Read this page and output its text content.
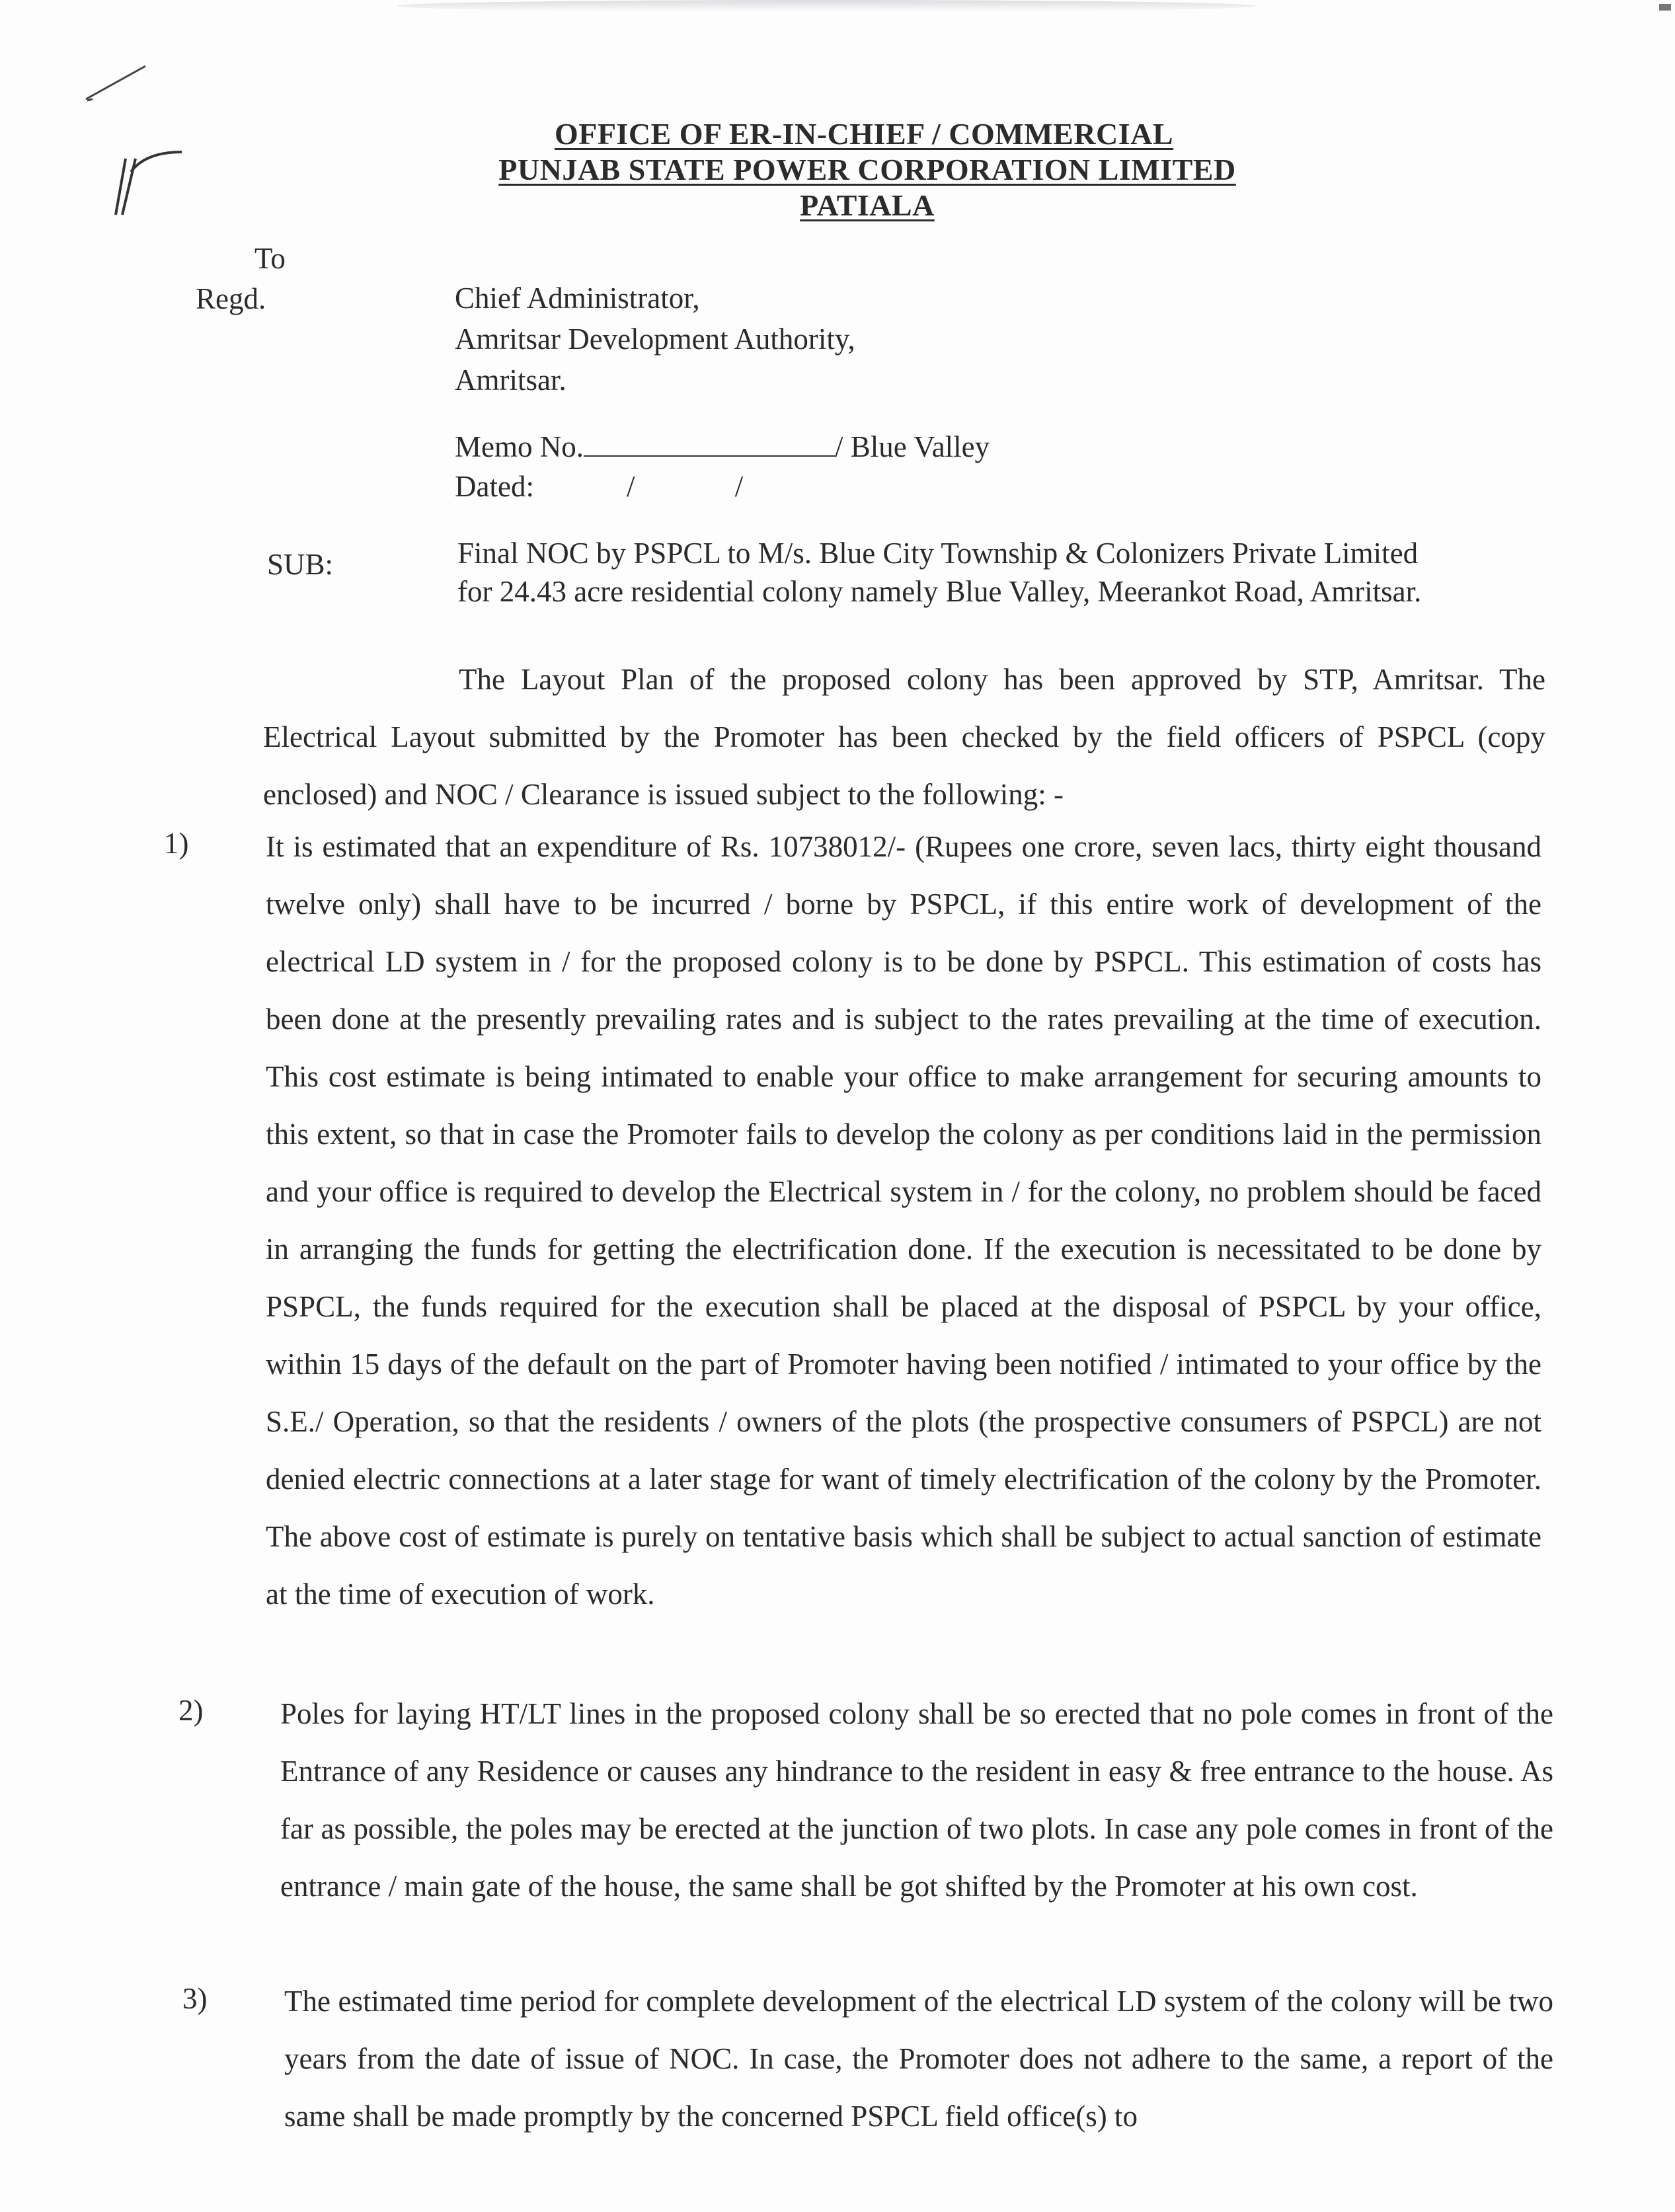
OFFICE OF ER-IN-CHIEF / COMMERCIAL
PUNJAB STATE POWER CORPORATION LIMITED
PATIALA
To
Regd.	Chief Administrator,
Amritsar Development Authority,
Amritsar.
Memo No.	/ Blue Valley
Dated:	/ /
SUB:	Final NOC by PSPCL to M/s. Blue City Township & Colonizers Private Limited
for 24.43 acre residential colony namely Blue Valley, Meerankot Road, Amritsar.
The Layout Plan of the proposed colony has been approved by STP, Amritsar. The Electrical Layout submitted by the Promoter has been checked by the field officers of PSPCL (copy enclosed) and NOC / Clearance is issued subject to the following: -
1)	It is estimated that an expenditure of Rs. 10738012/- (Rupees one crore, seven lacs, thirty eight thousand twelve only) shall have to be incurred / borne by PSPCL, if this entire work of development of the electrical LD system in / for the proposed colony is to be done by PSPCL. This estimation of costs has been done at the presently prevailing rates and is subject to the rates prevailing at the time of execution. This cost estimate is being intimated to enable your office to make arrangement for securing amounts to this extent, so that in case the Promoter fails to develop the colony as per conditions laid in the permission and your office is required to develop the Electrical system in / for the colony, no problem should be faced in arranging the funds for getting the electrification done. If the execution is necessitated to be done by PSPCL, the funds required for the execution shall be placed at the disposal of PSPCL by your office, within 15 days of the default on the part of Promoter having been notified / intimated to your office by the S.E./ Operation, so that the residents / owners of the plots (the prospective consumers of PSPCL) are not denied electric connections at a later stage for want of timely electrification of the colony by the Promoter. The above cost of estimate is purely on tentative basis which shall be subject to actual sanction of estimate at the time of execution of work.
2)	Poles for laying HT/LT lines in the proposed colony shall be so erected that no pole comes in front of the Entrance of any Residence or causes any hindrance to the resident in easy & free entrance to the house. As far as possible, the poles may be erected at the junction of two plots. In case any pole comes in front of the entrance / main gate of the house, the same shall be got shifted by the Promoter at his own cost.
3)	The estimated time period for complete development of the electrical LD system of the colony will be two years from the date of issue of NOC. In case, the Promoter does not adhere to the same, a report of the same shall be made promptly by the concerned PSPCL field office(s) to
